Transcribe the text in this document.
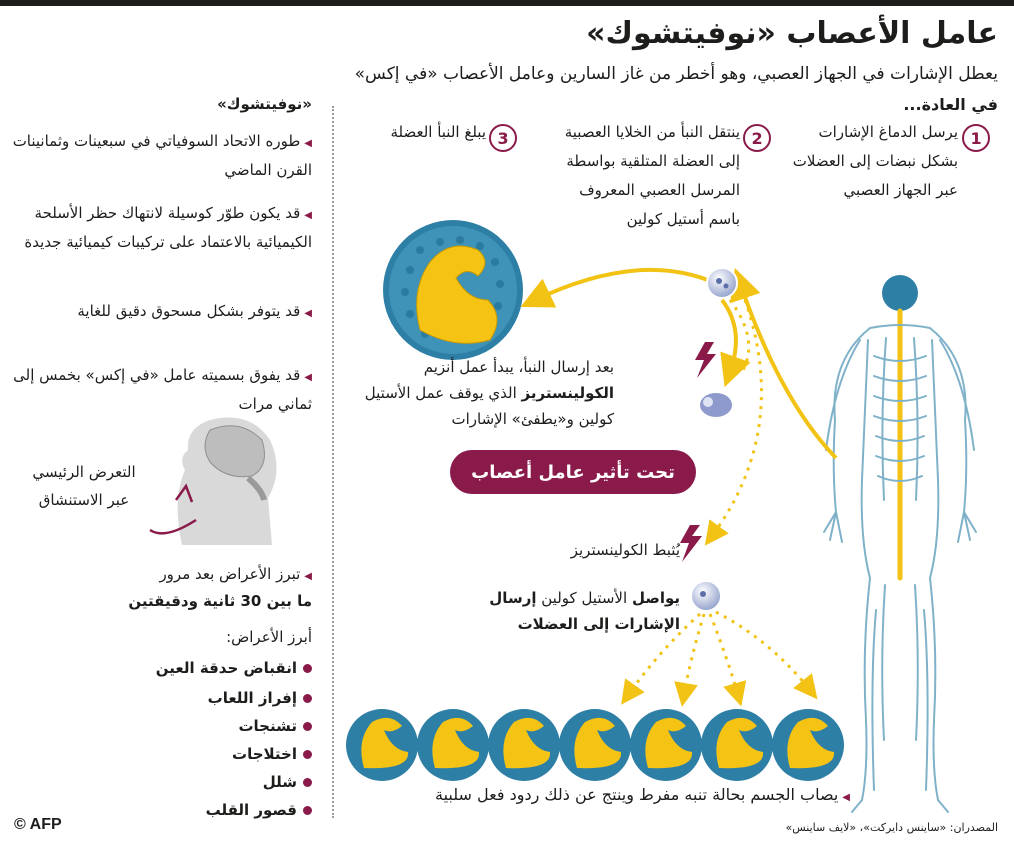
عامل الأعصاب «نوفيتشوك»
يعطل الإشارات في الجهاز العصبي، وهو أخطر من غاز السارين وعامل الأعصاب «في إكس»
في العادة...
1
يرسل الدماغ الإشارات بشكل نبضات إلى العضلات عبر الجهاز العصبي
2
ينتقل النبأ من الخلايا العصبية إلى العضلة المتلقية بواسطة المرسل العصبي المعروف باسم أستيل كولين
3
يبلغ النبأ العضلة
بعد إرسال النبأ، يبدأ عمل أنزيم الكولينستريز الذي يوقف عمل الأستيل كولين و«يطفئ» الإشارات
تحت تأثير عامل أعصاب
يُثبط الكولينستريز
يواصل الأستيل كولين إرسال الإشارات إلى العضلات
◀يصاب الجسم بحالة تنبه مفرط وينتج عن ذلك ردود فعل سلبية
«نوفيتشوك»
◀طوره الاتحاد السوفياتي في سبعينات وثمانينات القرن الماضي
◀قد يكون طوّر كوسيلة لانتهاك حظر الأسلحة الكيميائية بالاعتماد على تركيبات كيميائية جديدة
◀قد يتوفر بشكل مسحوق دقيق للغاية
◀قد يفوق بسميته عامل «في إكس» بخمس إلى ثماني مرات
التعرض الرئيسي عبر الاستنشاق
◀تبرز الأعراض بعد مرور
ما بين 30 ثانية ودقيقتين
أبرز الأعراض:
انقباض حدقة العين
إفراز اللعاب
تشنجات
اختلاجات
شلل
قصور القلب
المصدران: «ساينس دايركت»، «لايف ساينس»
© AFP
